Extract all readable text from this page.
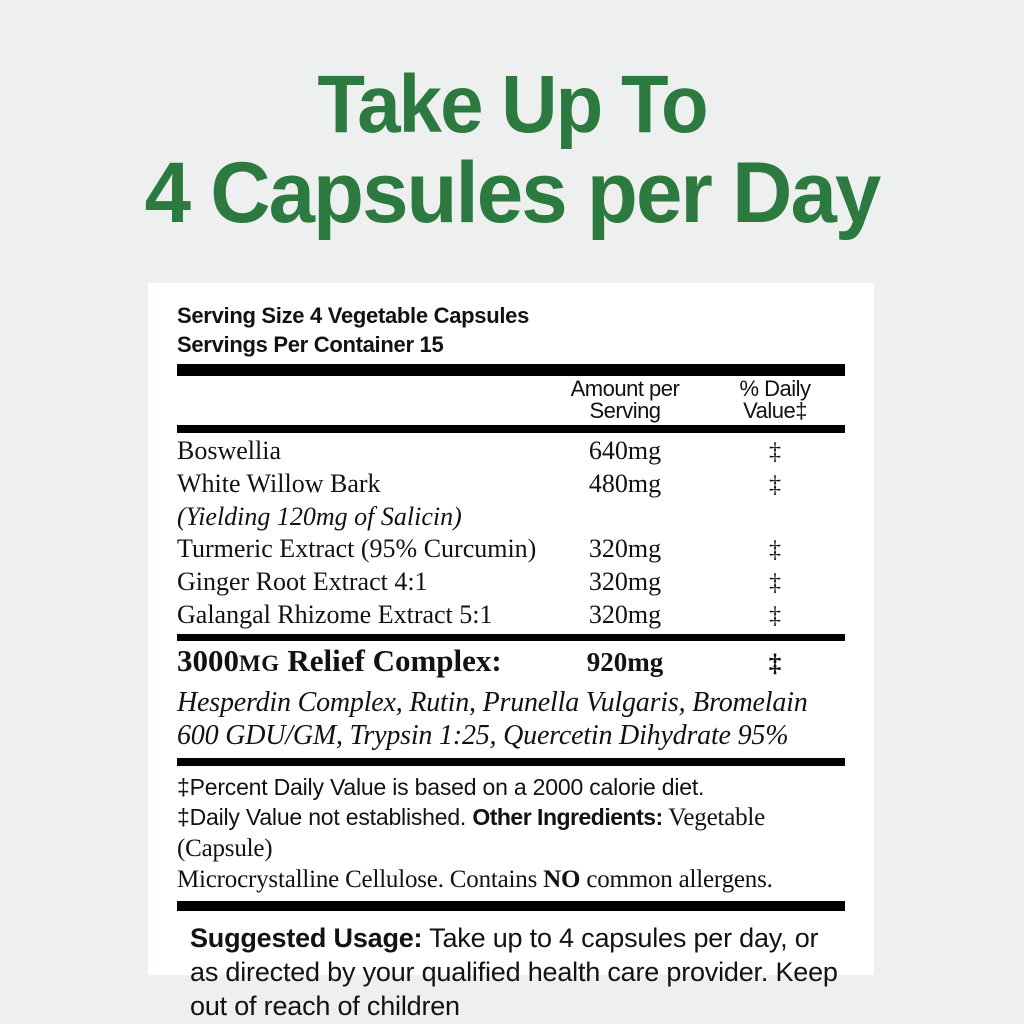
Take Up To
4 Capsules per Day
Serving Size 4 Vegetable Capsules
Servings Per Container 15
Amount per
Serving
% Daily
Value‡
Boswellia	640mg	‡
White Willow Bark	480mg	‡
(Yielding 120mg of Salicin)
Turmeric Extract (95% Curcumin)	320mg	‡
Ginger Root Extract 4:1	320mg	‡
Galangal Rhizome Extract 5:1	320mg	‡
3000MG Relief Complex:	920mg	‡
Hesperdin Complex, Rutin, Prunella Vulgaris, Bromelain 600 GDU/GM, Trypsin 1:25, Quercetin Dihydrate 95%
‡Percent Daily Value is based on a 2000 calorie diet.
‡Daily Value not established. Other Ingredients: Vegetable (Capsule)
Microcrystalline Cellulose. Contains NO common allergens.
Suggested Usage: Take up to 4 capsules per day, or as directed by your qualified health care provider. Keep out of reach of children
